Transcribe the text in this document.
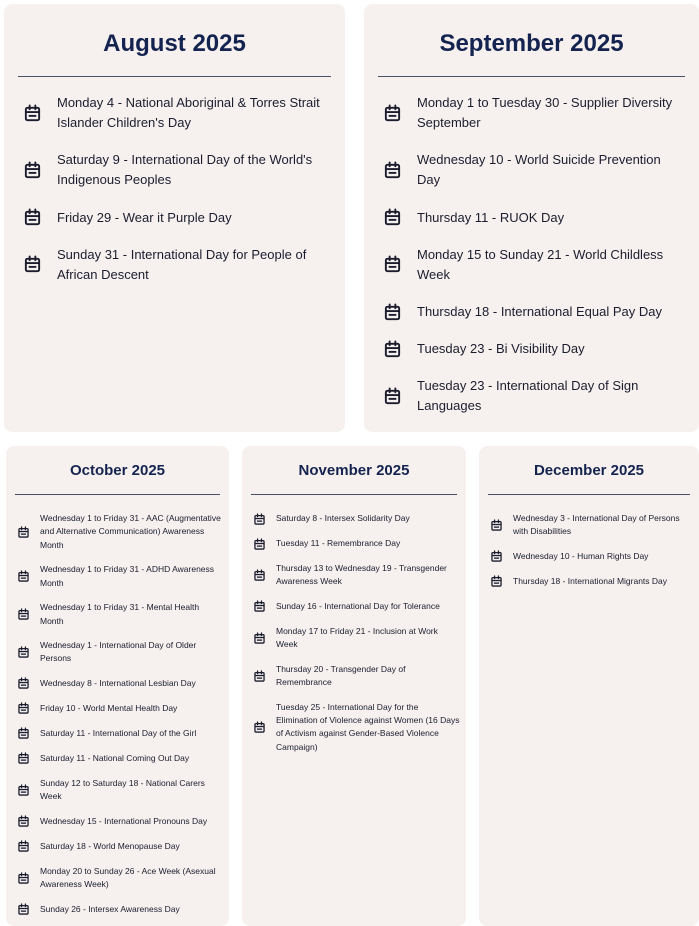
August 2025
Monday 4 - National Aboriginal & Torres Strait Islander Children's Day
Saturday 9 - International Day of the World's Indigenous Peoples
Friday 29 - Wear it Purple Day
Sunday 31 - International Day for People of African Descent
September 2025
Monday 1 to Tuesday 30 - Supplier Diversity September
Wednesday 10 - World Suicide Prevention Day
Thursday 11 - RUOK Day
Monday 15 to Sunday 21 - World Childless Week
Thursday 18 - International Equal Pay Day
Tuesday 23 - Bi Visibility Day
Tuesday 23 - International Day of Sign Languages
October 2025
Wednesday 1 to Friday 31 - AAC (Augmentative and Alternative Communication) Awareness Month
Wednesday 1 to Friday 31 - ADHD Awareness Month
Wednesday 1 to Friday 31 - Mental Health Month
Wednesday 1 - International Day of Older Persons
Wednesday 8 - International Lesbian Day
Friday 10 - World Mental Health Day
Saturday 11 - International Day of the Girl
Saturday 11 - National Coming Out Day
Sunday 12 to Saturday 18 - National Carers Week
Wednesday 15 - International Pronouns Day
Saturday 18 - World Menopause Day
Monday 20 to Sunday 26 - Ace Week (Asexual Awareness Week)
Sunday 26 - Intersex Awareness Day
November 2025
Saturday 8 - Intersex Solidarity Day
Tuesday 11 - Remembrance Day
Thursday 13 to Wednesday 19 - Transgender Awareness Week
Sunday 16 - International Day for Tolerance
Monday 17 to Friday 21 - Inclusion at Work Week
Thursday 20 - Transgender Day of Remembrance
Tuesday 25 - International Day for the Elimination of Violence against Women (16 Days of Activism against Gender-Based Violence Campaign)
December 2025
Wednesday 3 - International Day of Persons with Disabilities
Wednesday 10 - Human Rights Day
Thursday 18 - International Migrants Day
